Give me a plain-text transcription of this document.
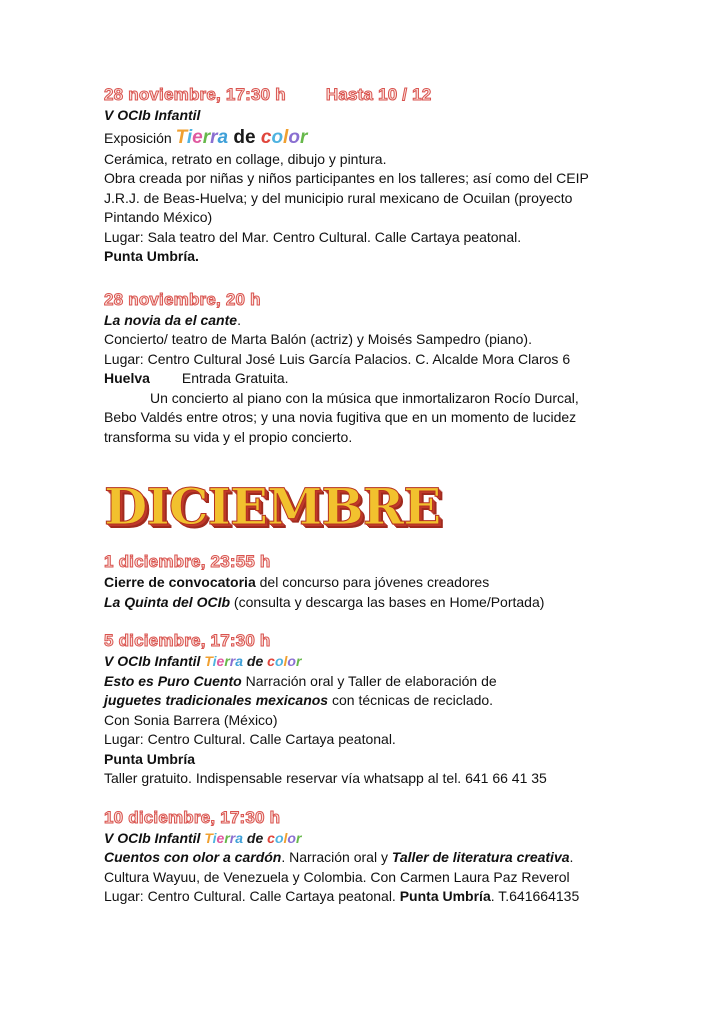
28 noviembre, 17:30 h Hasta 10 / 12
V OCIb Infantil
Exposición Tierra de color
Cerámica, retrato en collage, dibujo y pintura.
Obra creada por niñas y niños participantes en los talleres; así como del CEIP
J.R.J. de Beas-Huelva; y del municipio rural mexicano de Ocuilan (proyecto
Pintando México)
Lugar: Sala teatro del Mar. Centro Cultural. Calle Cartaya peatonal.
Punta Umbría.
28 noviembre, 20 h
La novia da el cante.
Concierto/ teatro de Marta Balón (actriz) y Moisés Sampedro (piano).
Lugar: Centro Cultural José Luis García Palacios. C. Alcalde Mora Claros 6
Huelva Entrada Gratuita.
Un concierto al piano con la música que inmortalizaron Rocío Durcal,
Bebo Valdés entre otros; y una novia fugitiva que en un momento de lucidez
transforma su vida y el propio concierto.
DICIEMBRE
1 diciembre, 23:55 h
Cierre de convocatoria del concurso para jóvenes creadores
La Quinta del OCIb (consulta y descarga las bases en Home/Portada)
5 diciembre, 17:30 h
V OCIb Infantil Tierra de color
Esto es Puro Cuento Narración oral y Taller de elaboración de
juguetes tradicionales mexicanos con técnicas de reciclado.
Con Sonia Barrera (México)
Lugar: Centro Cultural. Calle Cartaya peatonal.
Punta Umbría
Taller gratuito. Indispensable reservar vía whatsapp al tel. 641 66 41 35
10 diciembre, 17:30 h
V OCIb Infantil Tierra de color
Cuentos con olor a cardón. Narración oral y Taller de literatura creativa.
Cultura Wayuu, de Venezuela y Colombia. Con Carmen Laura Paz Reverol
Lugar: Centro Cultural. Calle Cartaya peatonal. Punta Umbría. T.641664135
